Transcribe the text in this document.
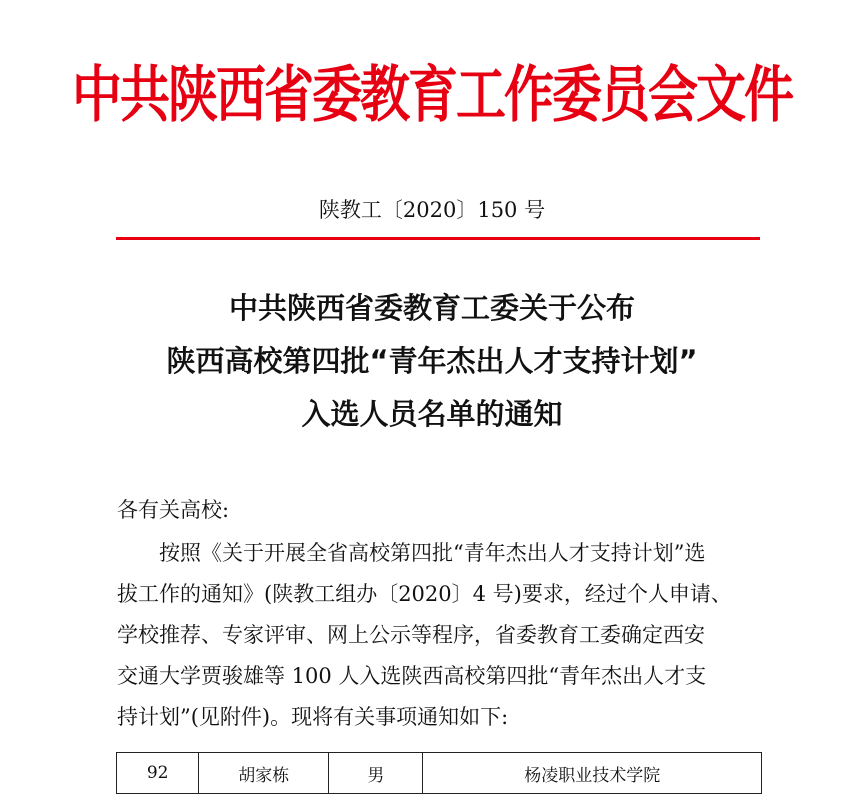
中共陕西省委教育工作委员会文件
陕教工〔2020〕150 号
中共陕西省委教育工委关于公布
陕西高校第四批“青年杰出人才支持计划”
入选人员名单的通知
各有关高校:
按照《关于开展全省高校第四批“青年杰出人才支持计划”选
拔工作的通知》(陕教工组办〔2020〕4 号)要求，经过个人申请、
学校推荐、专家评审、网上公示等程序，省委教育工委确定西安
交通大学贾骏雄等 100 人入选陕西高校第四批“青年杰出人才支
持计划”(见附件)。现将有关事项通知如下:
92	胡家栋	男	杨凌职业技术学院
